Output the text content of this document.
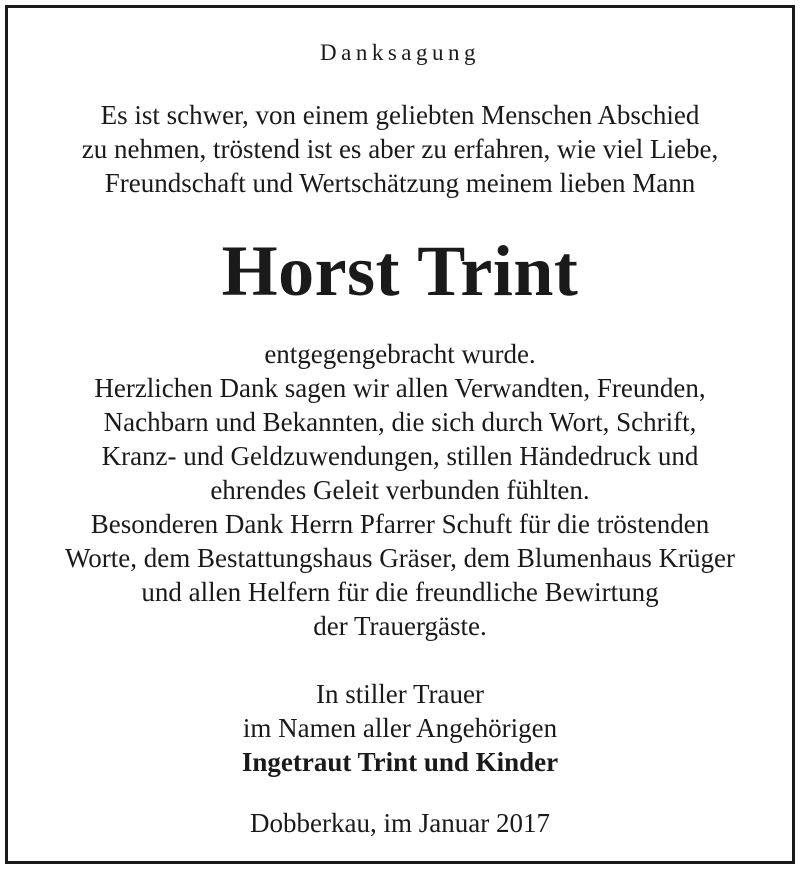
Danksagung
Es ist schwer, von einem geliebten Menschen Abschied
zu nehmen, tröstend ist es aber zu erfahren, wie viel Liebe,
Freundschaft und Wertschätzung meinem lieben Mann
Horst Trint
entgegengebracht wurde.
Herzlichen Dank sagen wir allen Verwandten, Freunden,
Nachbarn und Bekannten, die sich durch Wort, Schrift,
Kranz- und Geldzuwendungen, stillen Händedruck und
ehrendes Geleit verbunden fühlten.
Besonderen Dank Herrn Pfarrer Schuft für die tröstenden
Worte, dem Bestattungshaus Gräser, dem Blumenhaus Krüger
und allen Helfern für die freundliche Bewirtung
der Trauergäste.
In stiller Trauer
im Namen aller Angehörigen
Ingetraut Trint und Kinder
Dobberkau, im Januar 2017
